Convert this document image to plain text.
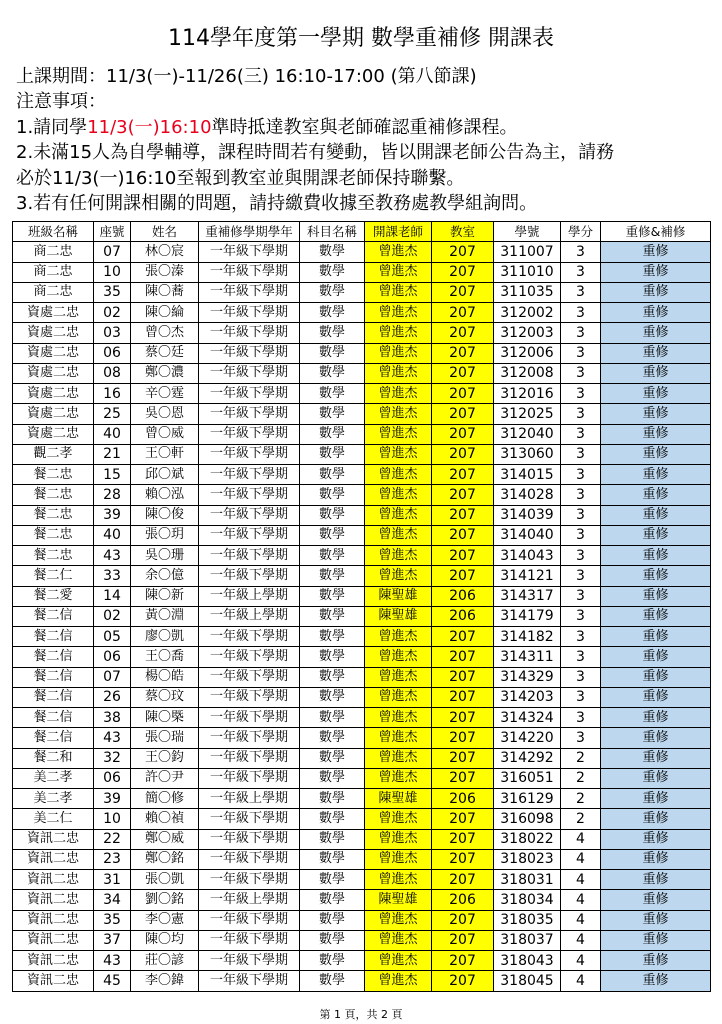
114學年度第一學期 數學重補修 開課表
上課期間：11/3(一)-11/26(三) 16:10-17:00 (第八節課)
注意事項：
1.請同學11/3(一)16:10準時抵達教室與老師確認重補修課程。
2.未滿15人為自學輔導，課程時間若有變動，皆以開課老師公告為主，請務
必於11/3(一)16:10至報到教室並與開課老師保持聯繫。
3.若有任何開課相關的問題，請持繳費收據至教務處教學組詢問。
班級名稱	座號	姓名	重補修學期學年	科目名稱	開課老師	教室	學號	學分	重修&補修
商二忠	07	林〇宸	一年級下學期	數學	曾進杰	207	311007	3	重修
商二忠	10	張〇溱	一年級下學期	數學	曾進杰	207	311010	3	重修
商二忠	35	陳〇蕎	一年級下學期	數學	曾進杰	207	311035	3	重修
資處二忠	02	陳〇綸	一年級下學期	數學	曾進杰	207	312002	3	重修
資處二忠	03	曾〇杰	一年級下學期	數學	曾進杰	207	312003	3	重修
資處二忠	06	蔡〇廷	一年級下學期	數學	曾進杰	207	312006	3	重修
資處二忠	08	鄭〇濃	一年級下學期	數學	曾進杰	207	312008	3	重修
資處二忠	16	辛〇霆	一年級下學期	數學	曾進杰	207	312016	3	重修
資處二忠	25	吳〇恩	一年級下學期	數學	曾進杰	207	312025	3	重修
資處二忠	40	曾〇威	一年級下學期	數學	曾進杰	207	312040	3	重修
觀二孝	21	王〇軒	一年級下學期	數學	曾進杰	207	313060	3	重修
餐二忠	15	邱〇斌	一年級下學期	數學	曾進杰	207	314015	3	重修
餐二忠	28	賴〇泓	一年級下學期	數學	曾進杰	207	314028	3	重修
餐二忠	39	陳〇俊	一年級下學期	數學	曾進杰	207	314039	3	重修
餐二忠	40	張〇玥	一年級下學期	數學	曾進杰	207	314040	3	重修
餐二忠	43	吳〇珊	一年級下學期	數學	曾進杰	207	314043	3	重修
餐二仁	33	余〇億	一年級下學期	數學	曾進杰	207	314121	3	重修
餐二愛	14	陳〇新	一年級上學期	數學	陳聖雄	206	314317	3	重修
餐二信	02	黃〇淵	一年級上學期	數學	陳聖雄	206	314179	3	重修
餐二信	05	廖〇凱	一年級下學期	數學	曾進杰	207	314182	3	重修
餐二信	06	王〇喬	一年級下學期	數學	曾進杰	207	314311	3	重修
餐二信	07	楊〇皓	一年級下學期	數學	曾進杰	207	314329	3	重修
餐二信	26	蔡〇玟	一年級下學期	數學	曾進杰	207	314203	3	重修
餐二信	38	陳〇槩	一年級下學期	數學	曾進杰	207	314324	3	重修
餐二信	43	張〇瑞	一年級下學期	數學	曾進杰	207	314220	3	重修
餐二和	32	王〇鈞	一年級下學期	數學	曾進杰	207	314292	2	重修
美二孝	06	許〇尹	一年級下學期	數學	曾進杰	207	316051	2	重修
美二孝	39	簡〇修	一年級上學期	數學	陳聖雄	206	316129	2	重修
美二仁	10	賴〇禎	一年級下學期	數學	曾進杰	207	316098	2	重修
資訊二忠	22	鄭〇威	一年級下學期	數學	曾進杰	207	318022	4	重修
資訊二忠	23	鄭〇銘	一年級下學期	數學	曾進杰	207	318023	4	重修
資訊二忠	31	張〇凱	一年級下學期	數學	曾進杰	207	318031	4	重修
資訊二忠	34	劉〇銘	一年級上學期	數學	陳聖雄	206	318034	4	重修
資訊二忠	35	李〇憲	一年級下學期	數學	曾進杰	207	318035	4	重修
資訊二忠	37	陳〇均	一年級下學期	數學	曾進杰	207	318037	4	重修
資訊二忠	43	莊〇諺	一年級下學期	數學	曾進杰	207	318043	4	重修
資訊二忠	45	李〇鍏	一年級下學期	數學	曾進杰	207	318045	4	重修
第 1 頁，共 2 頁
